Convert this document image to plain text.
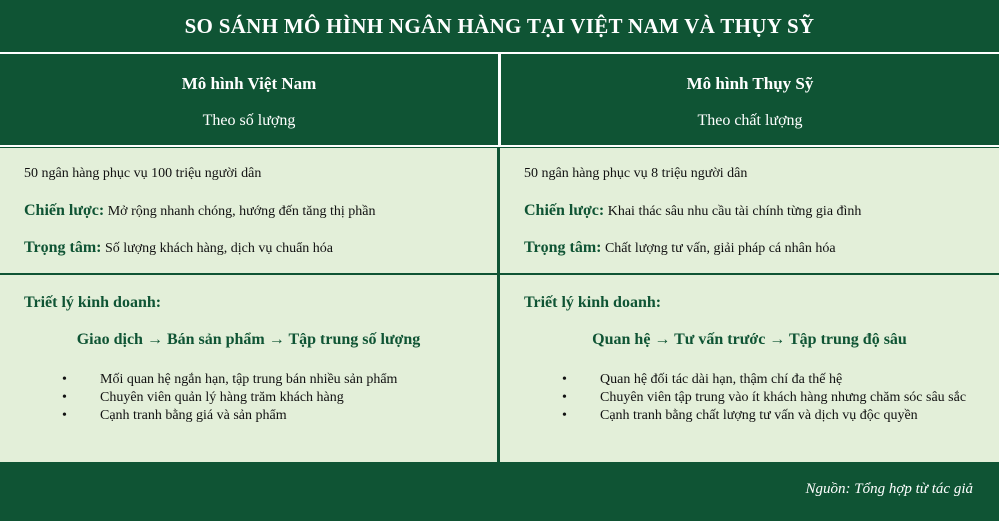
SO SÁNH MÔ HÌNH NGÂN HÀNG TẠI VIỆT NAM VÀ THỤY SỸ
Mô hình Việt Nam
Theo số lượng
Mô hình Thụy Sỹ
Theo chất lượng
50 ngân hàng phục vụ 100 triệu người dân
Chiến lược: Mở rộng nhanh chóng, hướng đến tăng thị phần
Trọng tâm: Số lượng khách hàng, dịch vụ chuẩn hóa
50 ngân hàng phục vụ 8 triệu người dân
Chiến lược: Khai thác sâu nhu cầu tài chính từng gia đình
Trọng tâm: Chất lượng tư vấn, giải pháp cá nhân hóa
Triết lý kinh doanh:
Giao dịch → Bán sản phẩm → Tập trung số lượng
• Mối quan hệ ngắn hạn, tập trung bán nhiều sản phẩm
• Chuyên viên quản lý hàng trăm khách hàng
• Cạnh tranh bằng giá và sản phẩm
Triết lý kinh doanh:
Quan hệ → Tư vấn trước → Tập trung độ sâu
• Quan hệ đối tác dài hạn, thậm chí đa thế hệ
• Chuyên viên tập trung vào ít khách hàng nhưng chăm sóc sâu sắc
• Cạnh tranh bằng chất lượng tư vấn và dịch vụ độc quyền
Nguồn: Tổng hợp từ tác giả
